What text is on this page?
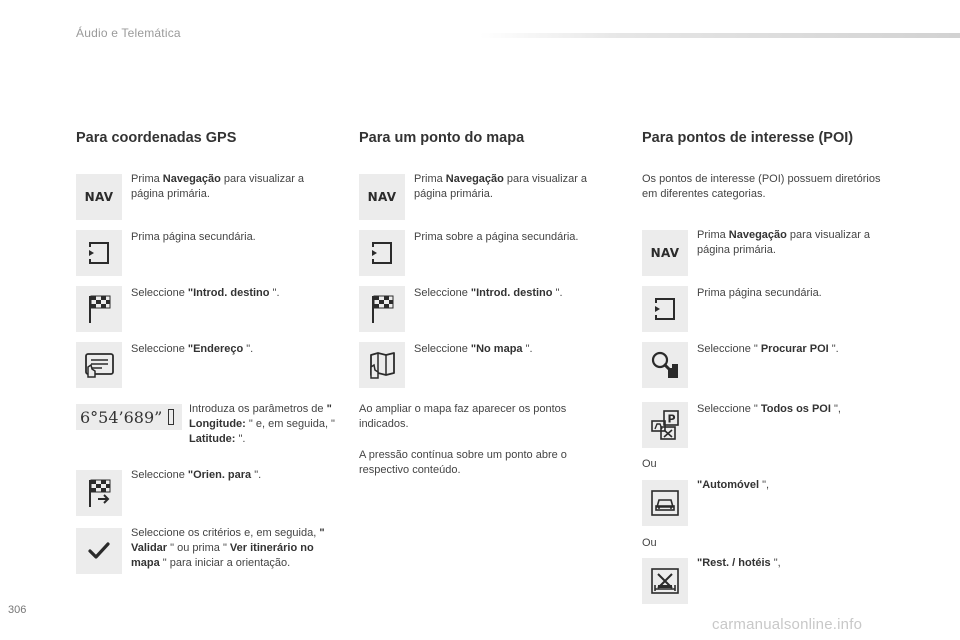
Áudio e Telemática
Para coordenadas GPS
NAV
Prima Navegação para visualizar a página primária.
Prima página secundária.
Seleccione "Introd. destino ".
Seleccione "Endereço ".
6°54’689” Introduza os parâmetros de " Longitude: " e, em seguida, " Latitude: ".
Seleccione "Orien. para ".
Seleccione os critérios e, em seguida, " Validar " ou prima " Ver itinerário no mapa " para iniciar a orientação.
Para um ponto do mapa
NAV
Prima Navegação para visualizar a página primária.
Prima sobre a página secundária.
Seleccione "Introd. destino ".
Seleccione "No mapa ".
Ao ampliar o mapa faz aparecer os pontos indicados.
A pressão contínua sobre um ponto abre o respectivo conteúdo.
Para pontos de interesse (POI)
Os pontos de interesse (POI) possuem diretórios em diferentes categorias.
NAV
Prima Navegação para visualizar a página primária.
Prima página secundária.
Seleccione " Procurar POI ".
P
Seleccione " Todos os POI ",
Ou
"Automóvel ",
Ou
"Rest. / hotéis ",
306
carmanualsonline.info
